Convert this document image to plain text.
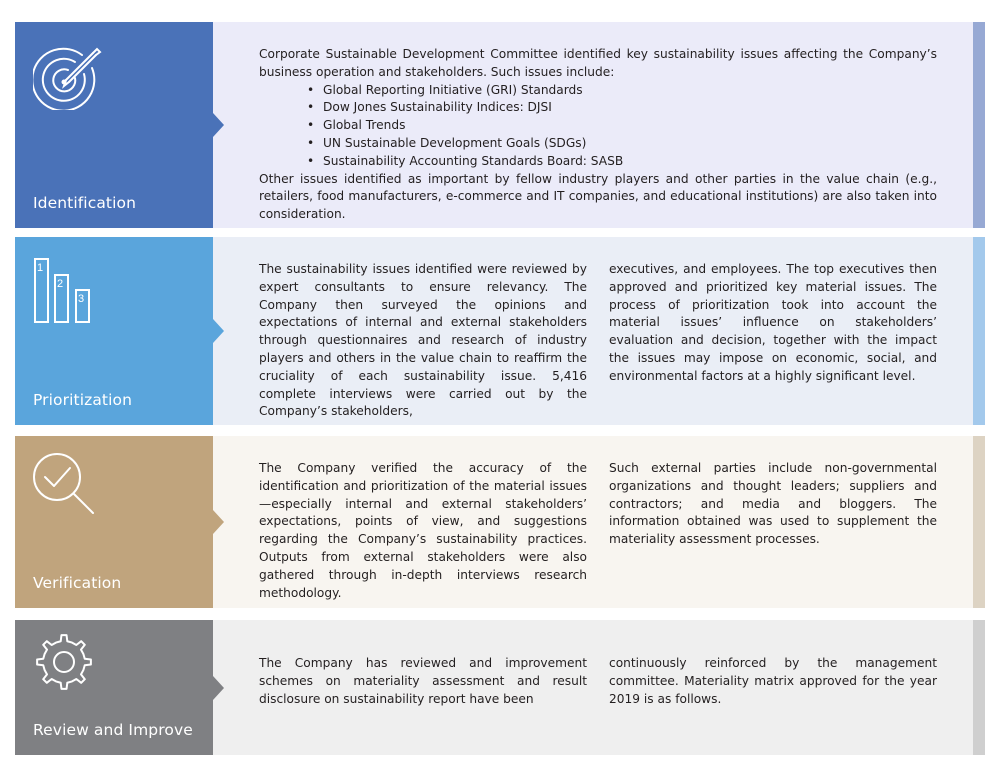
Corporate Sustainable Development Committee identified key sustainability issues affecting the Company’s business operation and stakeholders. Such issues include:

• Global Reporting Initiative (GRI) Standards
• Dow Jones Sustainability Indices: DJSI
• Global Trends
• UN Sustainable Development Goals (SDGs)
• Sustainability Accounting Standards Board: SASB

Other issues identified as important by fellow industry players and other parties in the value chain (e.g., retailers, food manufacturers, e-commerce and IT companies, and educational institutions) are also taken into consideration.

Identification

The sustainability issues identified were reviewed by expert consultants to ensure relevancy. The Company then surveyed the opinions and expectations of internal and external stakeholders through questionnaires and research of industry players and others in the value chain to reaffirm the cruciality of each sustainability issue. 5,416 complete interviews were carried out by the Company’s stakeholders,

executives, and employees. The top executives then approved and prioritized key material issues. The process of prioritization took into account the material issues’ influence on stakeholders’ evaluation and decision, together with the impact the issues may impose on economic, social, and environmental factors at a highly significant level.

1
2
3
Prioritization

The Company verified the accuracy of the identification and prioritization of the material issues—especially internal and external stakeholders’ expectations, points of view, and suggestions regarding the Company’s sustainability practices. Outputs from external stakeholders were also gathered through in-depth interviews research methodology.

Such external parties include non-governmental organizations and thought leaders; suppliers and contractors; and media and bloggers. The information obtained was used to supplement the materiality assessment processes.

Verification

The Company has reviewed and improvement schemes on materiality assessment and result disclosure on sustainability report have been

continuously reinforced by the management committee. Materiality matrix approved for the year 2019 is as follows.

Review and Improve
